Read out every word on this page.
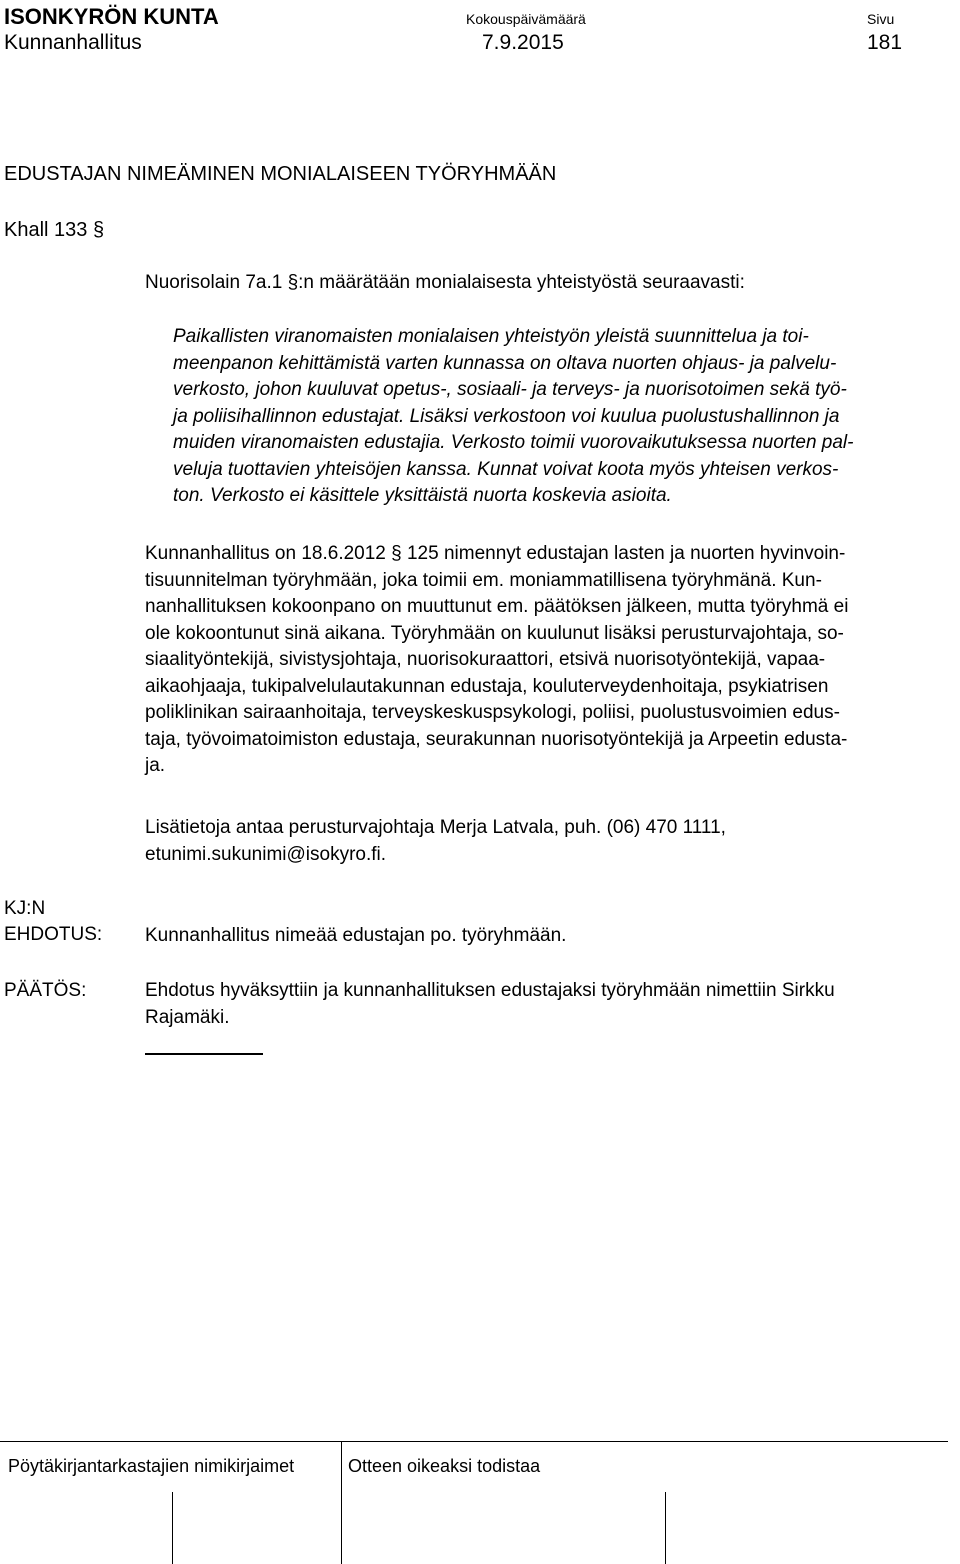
ISONKYRÖN KUNTA
Kunnanhallitus
Kokouspäivämäärä
7.9.2015
Sivu
181
EDUSTAJAN NIMEÄMINEN MONIALAISEEN TYÖRYHMÄÄN
Khall 133 §
Nuorisolain 7a.1 §:n määrätään monialaisesta yhteistyöstä seuraavasti:
Paikallisten viranomaisten monialaisen yhteistyön yleistä suunnittelua ja toi-
meenpanon kehittämistä varten kunnassa on oltava nuorten ohjaus- ja palvelu-
verkosto, johon kuuluvat opetus-, sosiaali- ja terveys- ja nuorisotoimen sekä työ-
ja poliisihallinnon edustajat. Lisäksi verkostoon voi kuulua puolustushallinnon ja
muiden viranomaisten edustajia. Verkosto toimii vuorovaikutuksessa nuorten pal-
veluja tuottavien yhteisöjen kanssa. Kunnat voivat koota myös yhteisen verkos-
ton. Verkosto ei käsittele yksittäistä nuorta koskevia asioita.
Kunnanhallitus on 18.6.2012 § 125 nimennyt edustajan lasten ja nuorten hyvinvoin-
tisuunnitelman työryhmään, joka toimii em. moniammatillisena työryhmänä. Kun-
nanhallituksen kokoonpano on muuttunut em. päätöksen jälkeen, mutta työryhmä ei
ole kokoontunut sinä aikana. Työryhmään on kuulunut lisäksi perusturvajohtaja, so-
siaalityöntekijä, sivistysjohtaja, nuorisokuraattori, etsivä nuorisotyöntekijä, vapaa-
aikaohjaaja, tukipalvelulautakunnan edustaja, kouluterveydenhoitaja, psykiatrisen
poliklinikan sairaanhoitaja, terveyskeskuspsykologi, poliisi, puolustusvoimien edus-
taja, työvoimatoimiston edustaja, seurakunnan nuorisotyöntekijä ja Arpeetin edusta-
ja.
Lisätietoja antaa perusturvajohtaja Merja Latvala, puh. (06) 470 1111,
etunimi.sukunimi@isokyro.fi.
KJ:N
EHDOTUS: Kunnanhallitus nimeää edustajan po. työryhmään.
PÄÄTÖS:	Ehdotus hyväksyttiin ja kunnanhallituksen edustajaksi työryhmään nimettiin Sirkku
Rajamäki.
Pöytäkirjantarkastajien nimikirjaimet	Otteen oikeaksi todistaa
